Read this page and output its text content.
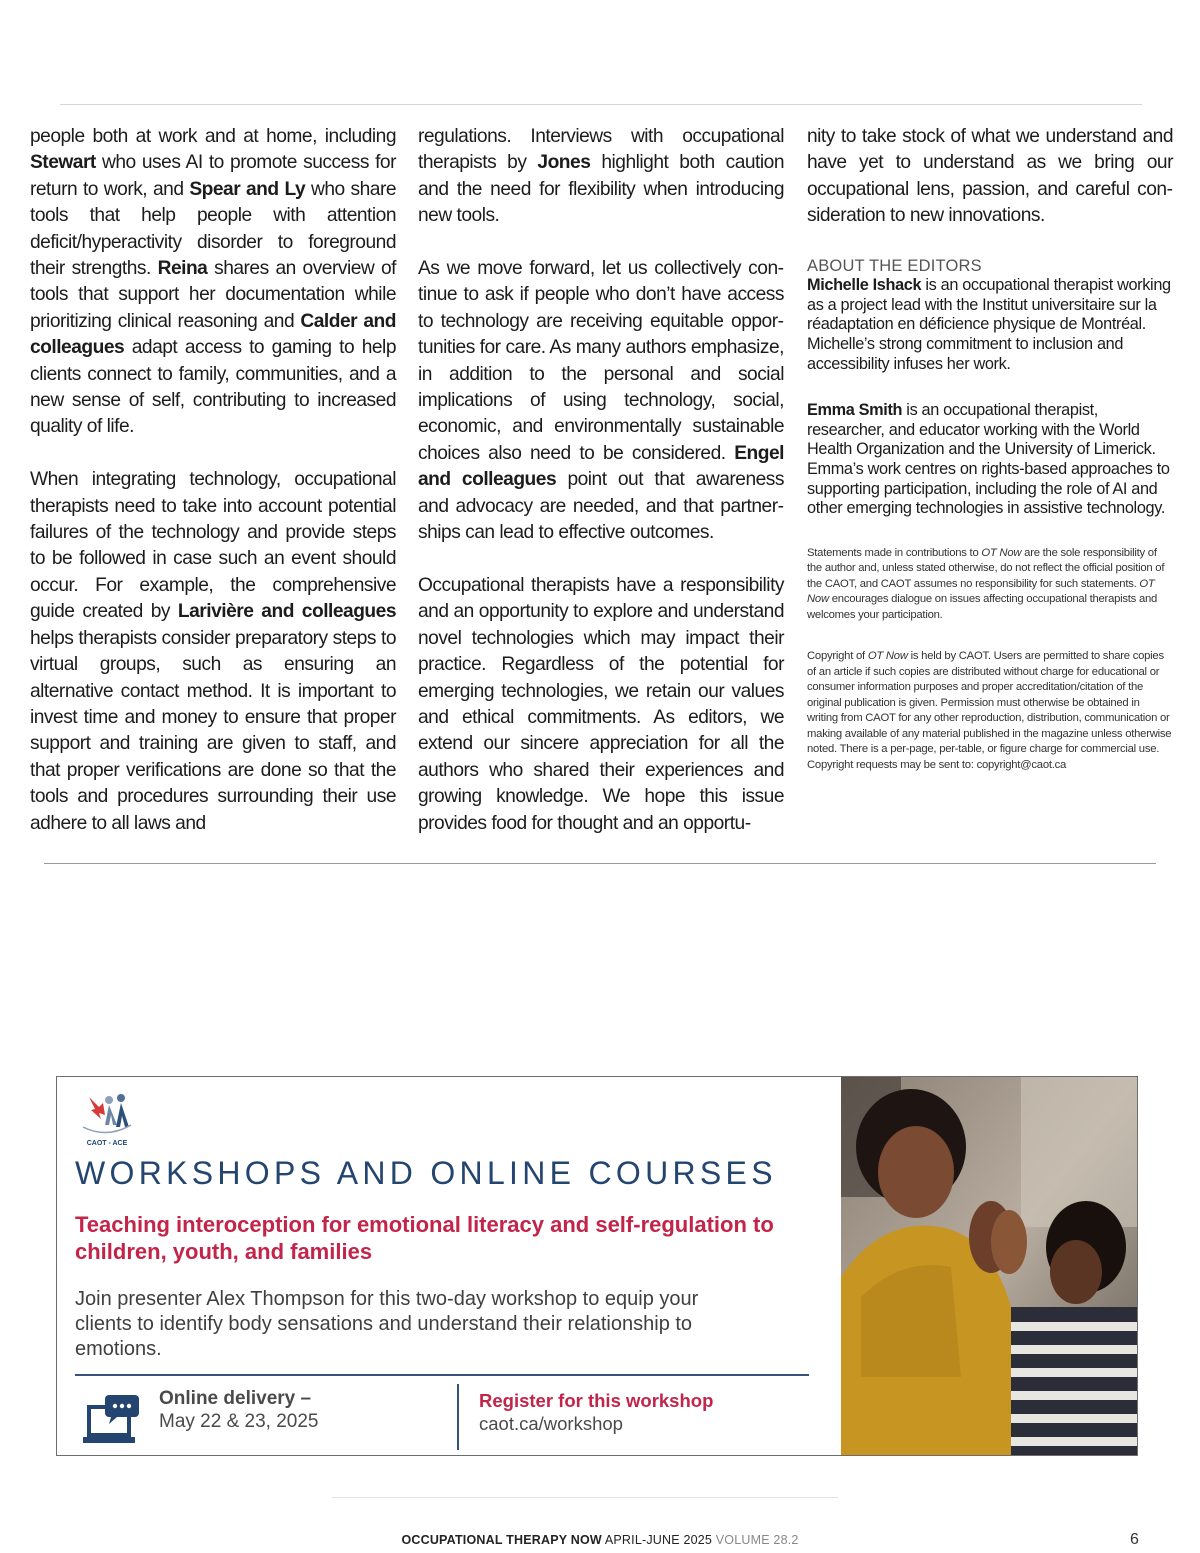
people both at work and at home, including Stewart who uses AI to promote success for return to work, and Spear and Ly who share tools that help people with attention deficit/hyperactivity disorder to foreground their strengths. Reina shares an overview of tools that support her documentation while prioritizing clinical reasoning and Calder and colleagues adapt access to gaming to help clients connect to family, communities, and a new sense of self, contributing to increased quality of life.

When integrating technology, occupational therapists need to take into account potential failures of the technology and provide steps to be followed in case such an event should occur. For example, the comprehensive guide created by Larivière and colleagues helps therapists consider preparatory steps to virtual groups, such as ensuring an alternative contact method. It is important to invest time and money to ensure that proper support and training are given to staff, and that proper verifications are done so that the tools and procedures surrounding their use adhere to all laws and

regulations. Interviews with occupational therapists by Jones highlight both caution and the need for flexibility when introducing new tools.

As we move forward, let us collectively continue to ask if people who don’t have access to technology are receiving equitable opportunities for care. As many authors emphasize, in addition to the personal and social implications of using technology, social, economic, and environmentally sustainable choices also need to be considered. Engel and colleagues point out that awareness and advocacy are needed, and that partnerships can lead to effective outcomes.

Occupational therapists have a responsibility and an opportunity to explore and understand novel technologies which may impact their practice. Regardless of the potential for emerging technologies, we retain our values and ethical commitments. As editors, we extend our sincere appreciation for all the authors who shared their experiences and growing knowledge. We hope this issue provides food for thought and an opportu-

nity to take stock of what we understand and have yet to understand as we bring our occupational lens, passion, and careful consideration to new innovations.

ABOUT THE EDITORS

Michelle Ishack is an occupational therapist working as a project lead with the Institut universitaire sur la réadaptation en déficience physique de Montréal. Michelle’s strong commitment to inclusion and accessibility infuses her work.

Emma Smith is an occupational therapist, researcher, and educator working with the World Health Organization and the University of Limerick. Emma’s work centres on rights-based approaches to supporting participation, including the role of AI and other emerging technologies in assistive technology.

Statements made in contributions to OT Now are the sole responsibility of the author and, unless stated otherwise, do not reflect the official position of the CAOT, and CAOT assumes no responsibility for such statements. OT Now encourages dialogue on issues affecting occupational therapists and welcomes your participation.

Copyright of OT Now is held by CAOT. Users are permitted to share copies of an article if such copies are distributed without charge for educational or consumer information purposes and proper accreditation/citation of the original publication is given. Permission must otherwise be obtained in writing from CAOT for any other reproduction, distribution, communication or making available of any material published in the magazine unless otherwise noted. There is a per-page, per-table, or figure charge for commercial use. Copyright requests may be sent to: copyright@caot.ca

CAOT - ACE
WORKSHOPS AND ONLINE COURSES
Teaching interoception for emotional literacy and self-regulation to children, youth, and families
Join presenter Alex Thompson for this two-day workshop to equip your clients to identify body sensations and understand their relationship to emotions.
Online delivery –
May 22 & 23, 2025
Register for this workshop
caot.ca/workshop
OCCUPATIONAL THERAPY NOW APRIL-JUNE 2025 VOLUME 28.2	6
